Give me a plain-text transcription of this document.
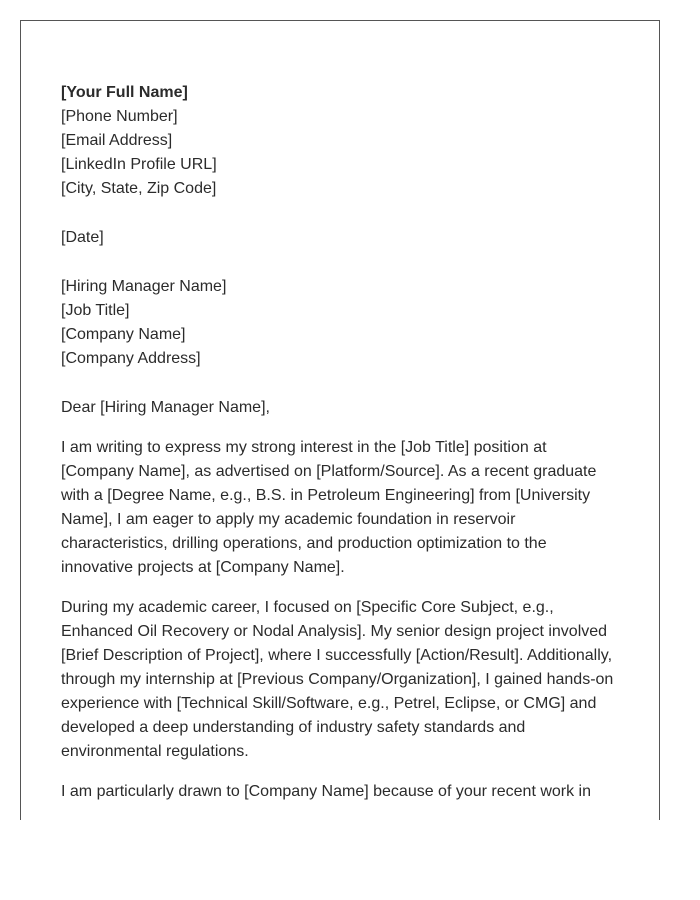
[Your Full Name]
[Phone Number]
[Email Address]
[LinkedIn Profile URL]
[City, State, Zip Code]
[Date]
[Hiring Manager Name]
[Job Title]
[Company Name]
[Company Address]
Dear [Hiring Manager Name],
I am writing to express my strong interest in the [Job Title] position at
[Company Name], as advertised on [Platform/Source]. As a recent graduate
with a [Degree Name, e.g., B.S. in Petroleum Engineering] from [University
Name], I am eager to apply my academic foundation in reservoir
characteristics, drilling operations, and production optimization to the
innovative projects at [Company Name].
During my academic career, I focused on [Specific Core Subject, e.g.,
Enhanced Oil Recovery or Nodal Analysis]. My senior design project involved
[Brief Description of Project], where I successfully [Action/Result]. Additionally,
through my internship at [Previous Company/Organization], I gained hands-on
experience with [Technical Skill/Software, e.g., Petrel, Eclipse, or CMG] and
developed a deep understanding of industry safety standards and
environmental regulations.
I am particularly drawn to [Company Name] because of your recent work in
